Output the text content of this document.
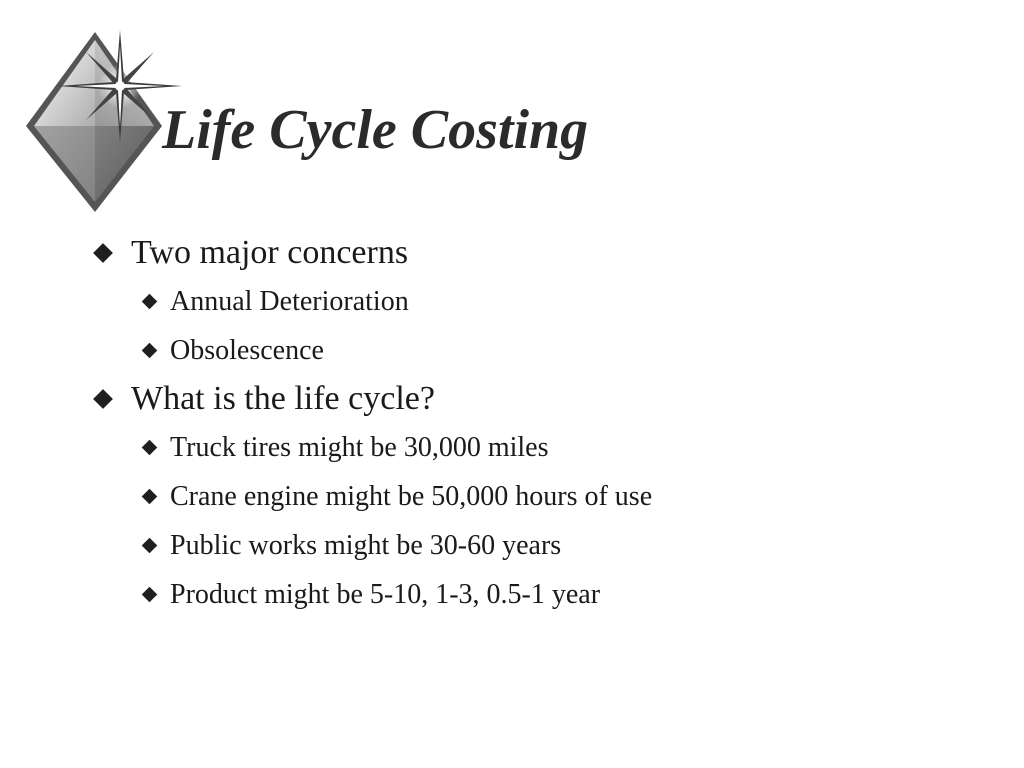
Life Cycle Costing
Two major concerns
Annual Deterioration
Obsolescence
What is the life cycle?
Truck tires might be 30,000 miles
Crane engine might be 50,000 hours of use
Public works might be 30-60 years
Product might be 5-10, 1-3, 0.5-1 year
